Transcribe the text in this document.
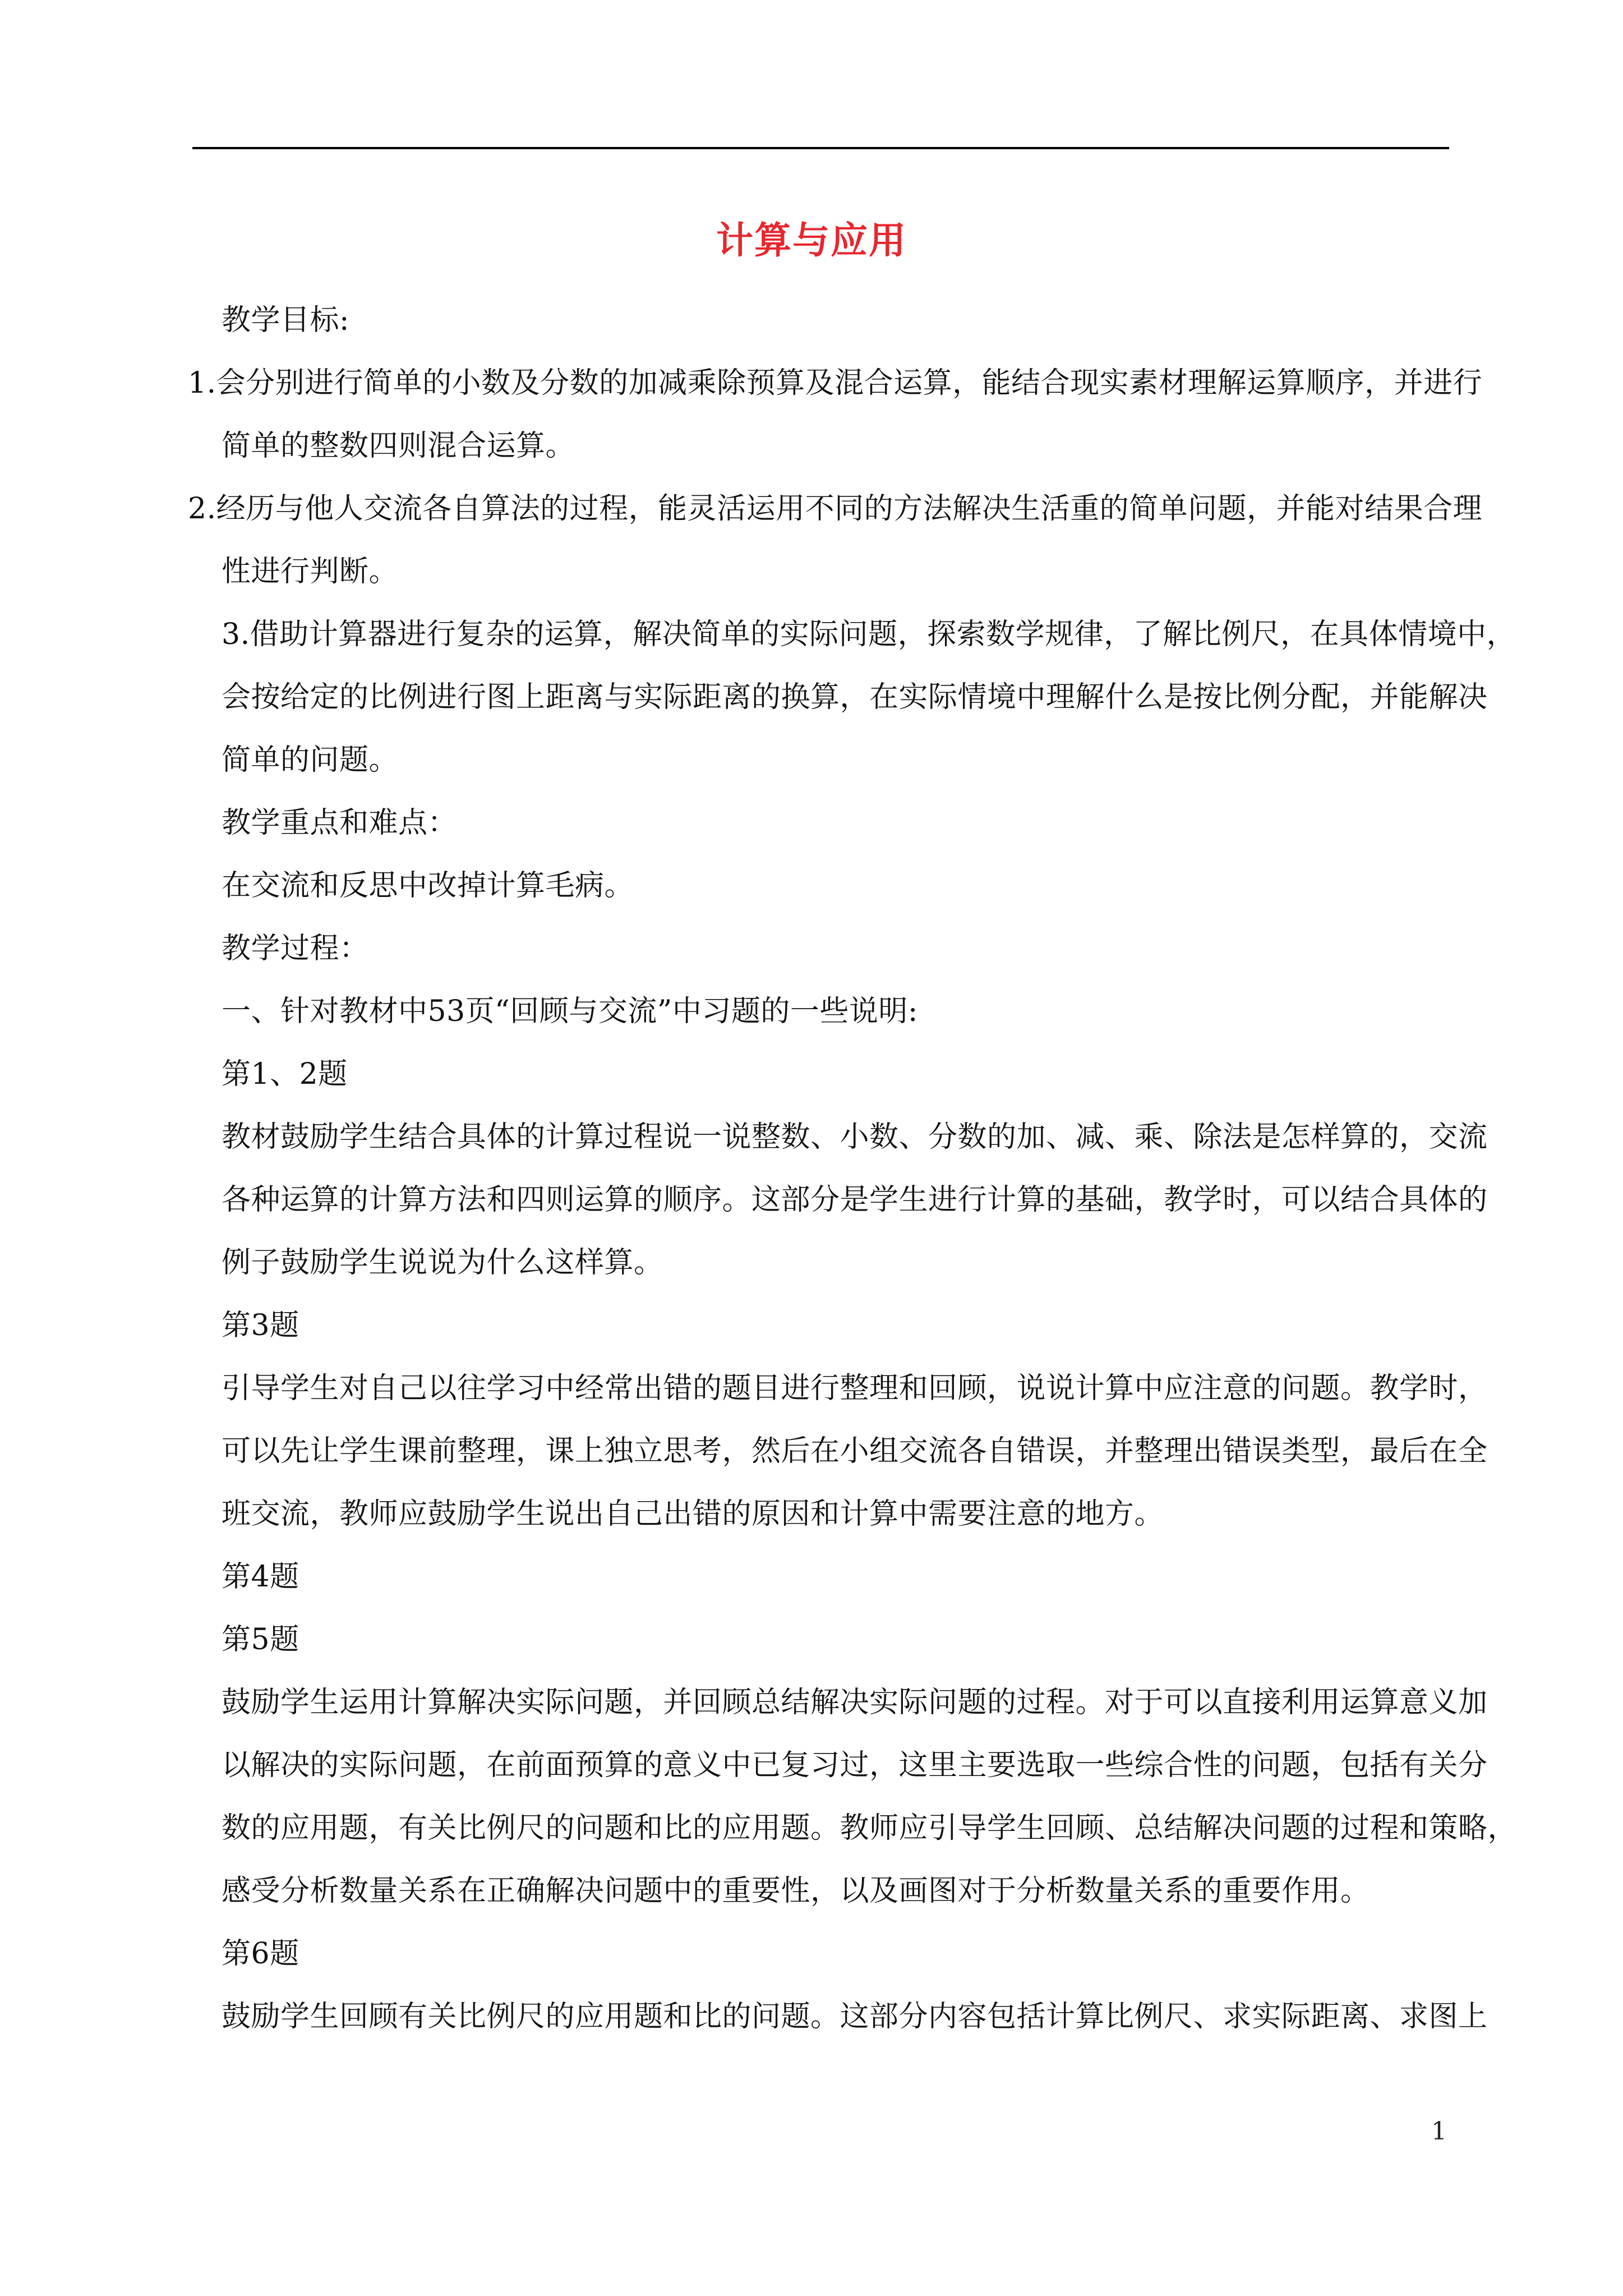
计算与应用
教学目标:
1.会分别进行简单的小数及分数的加减乘除预算及混合运算，能结合现实素材理解运算顺序，并进行
简单的整数四则混合运算。
2.经历与他人交流各自算法的过程，能灵活运用不同的方法解决生活重的简单问题，并能对结果合理
性进行判断。
3.借助计算器进行复杂的运算，解决简单的实际问题，探索数学规律，了解比例尺，在具体情境中，
会按给定的比例进行图上距离与实际距离的换算，在实际情境中理解什么是按比例分配，并能解决
简单的问题。
教学重点和难点：
在交流和反思中改掉计算毛病。
教学过程：
一、针对教材中53页“回顾与交流”中习题的一些说明:
第1、2题
教材鼓励学生结合具体的计算过程说一说整数、小数、分数的加、减、乘、除法是怎样算的，交流
各种运算的计算方法和四则运算的顺序。这部分是学生进行计算的基础，教学时，可以结合具体的
例子鼓励学生说说为什么这样算。
第3题
引导学生对自己以往学习中经常出错的题目进行整理和回顾，说说计算中应注意的问题。教学时，
可以先让学生课前整理，课上独立思考，然后在小组交流各自错误，并整理出错误类型，最后在全
班交流，教师应鼓励学生说出自己出错的原因和计算中需要注意的地方。
第4题
第5题
鼓励学生运用计算解决实际问题，并回顾总结解决实际问题的过程。对于可以直接利用运算意义加
以解决的实际问题，在前面预算的意义中已复习过，这里主要选取一些综合性的问题，包括有关分
数的应用题，有关比例尺的问题和比的应用题。教师应引导学生回顾、总结解决问题的过程和策略，
感受分析数量关系在正确解决问题中的重要性，以及画图对于分析数量关系的重要作用。
第6题
鼓励学生回顾有关比例尺的应用题和比的问题。这部分内容包括计算比例尺、求实际距离、求图上
1
